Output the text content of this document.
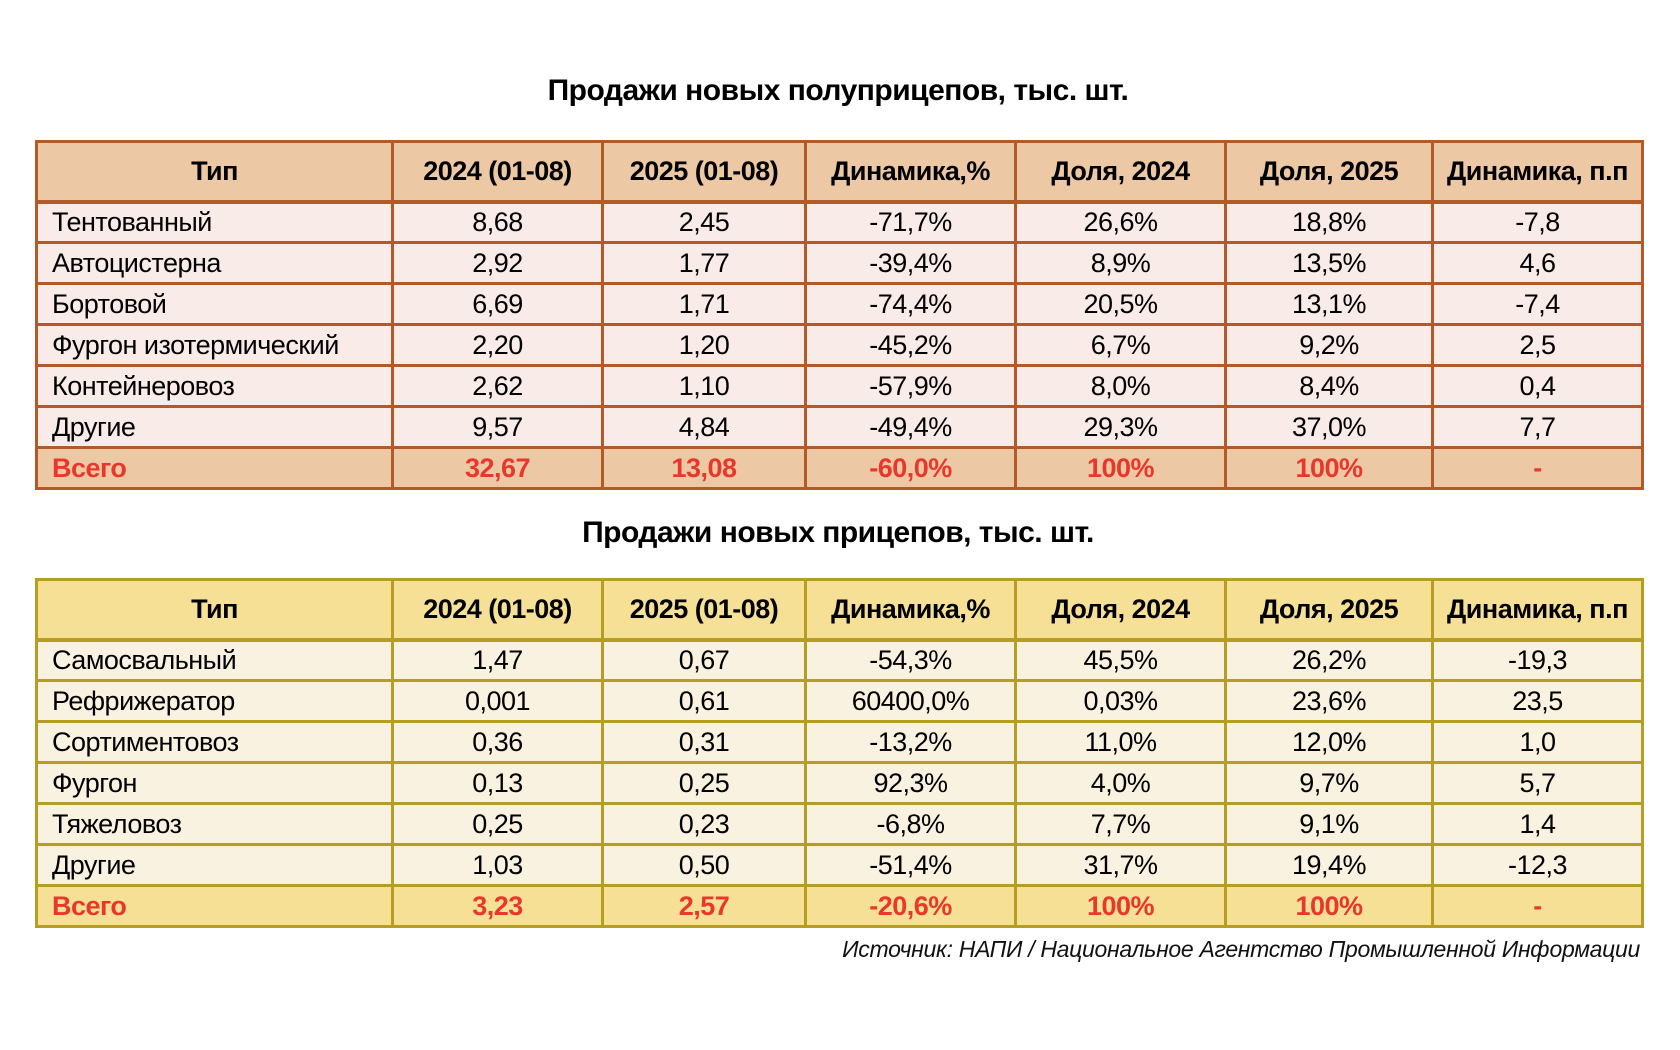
Продажи новых полуприцепов, тыс. шт.
Тип	2024 (01-08)	2025 (01-08)	Динамика,%	Доля, 2024	Доля, 2025	Динамика, п.п
Тентованный	8,68	2,45	-71,7%	26,6%	18,8%	-7,8
Автоцистерна	2,92	1,77	-39,4%	8,9%	13,5%	4,6
Бортовой	6,69	1,71	-74,4%	20,5%	13,1%	-7,4
Фургон изотермический	2,20	1,20	-45,2%	6,7%	9,2%	2,5
Контейнеровоз	2,62	1,10	-57,9%	8,0%	8,4%	0,4
Другие	9,57	4,84	-49,4%	29,3%	37,0%	7,7
Всего	32,67	13,08	-60,0%	100%	100%	-
Продажи новых прицепов, тыс. шт.
Тип	2024 (01-08)	2025 (01-08)	Динамика,%	Доля, 2024	Доля, 2025	Динамика, п.п
Самосвальный	1,47	0,67	-54,3%	45,5%	26,2%	-19,3
Рефрижератор	0,001	0,61	60400,0%	0,03%	23,6%	23,5
Сортиментовоз	0,36	0,31	-13,2%	11,0%	12,0%	1,0
Фургон	0,13	0,25	92,3%	4,0%	9,7%	5,7
Тяжеловоз	0,25	0,23	-6,8%	7,7%	9,1%	1,4
Другие	1,03	0,50	-51,4%	31,7%	19,4%	-12,3
Всего	3,23	2,57	-20,6%	100%	100%	-
Источник: НАПИ / Национальное Агентство Промышленной Информации
